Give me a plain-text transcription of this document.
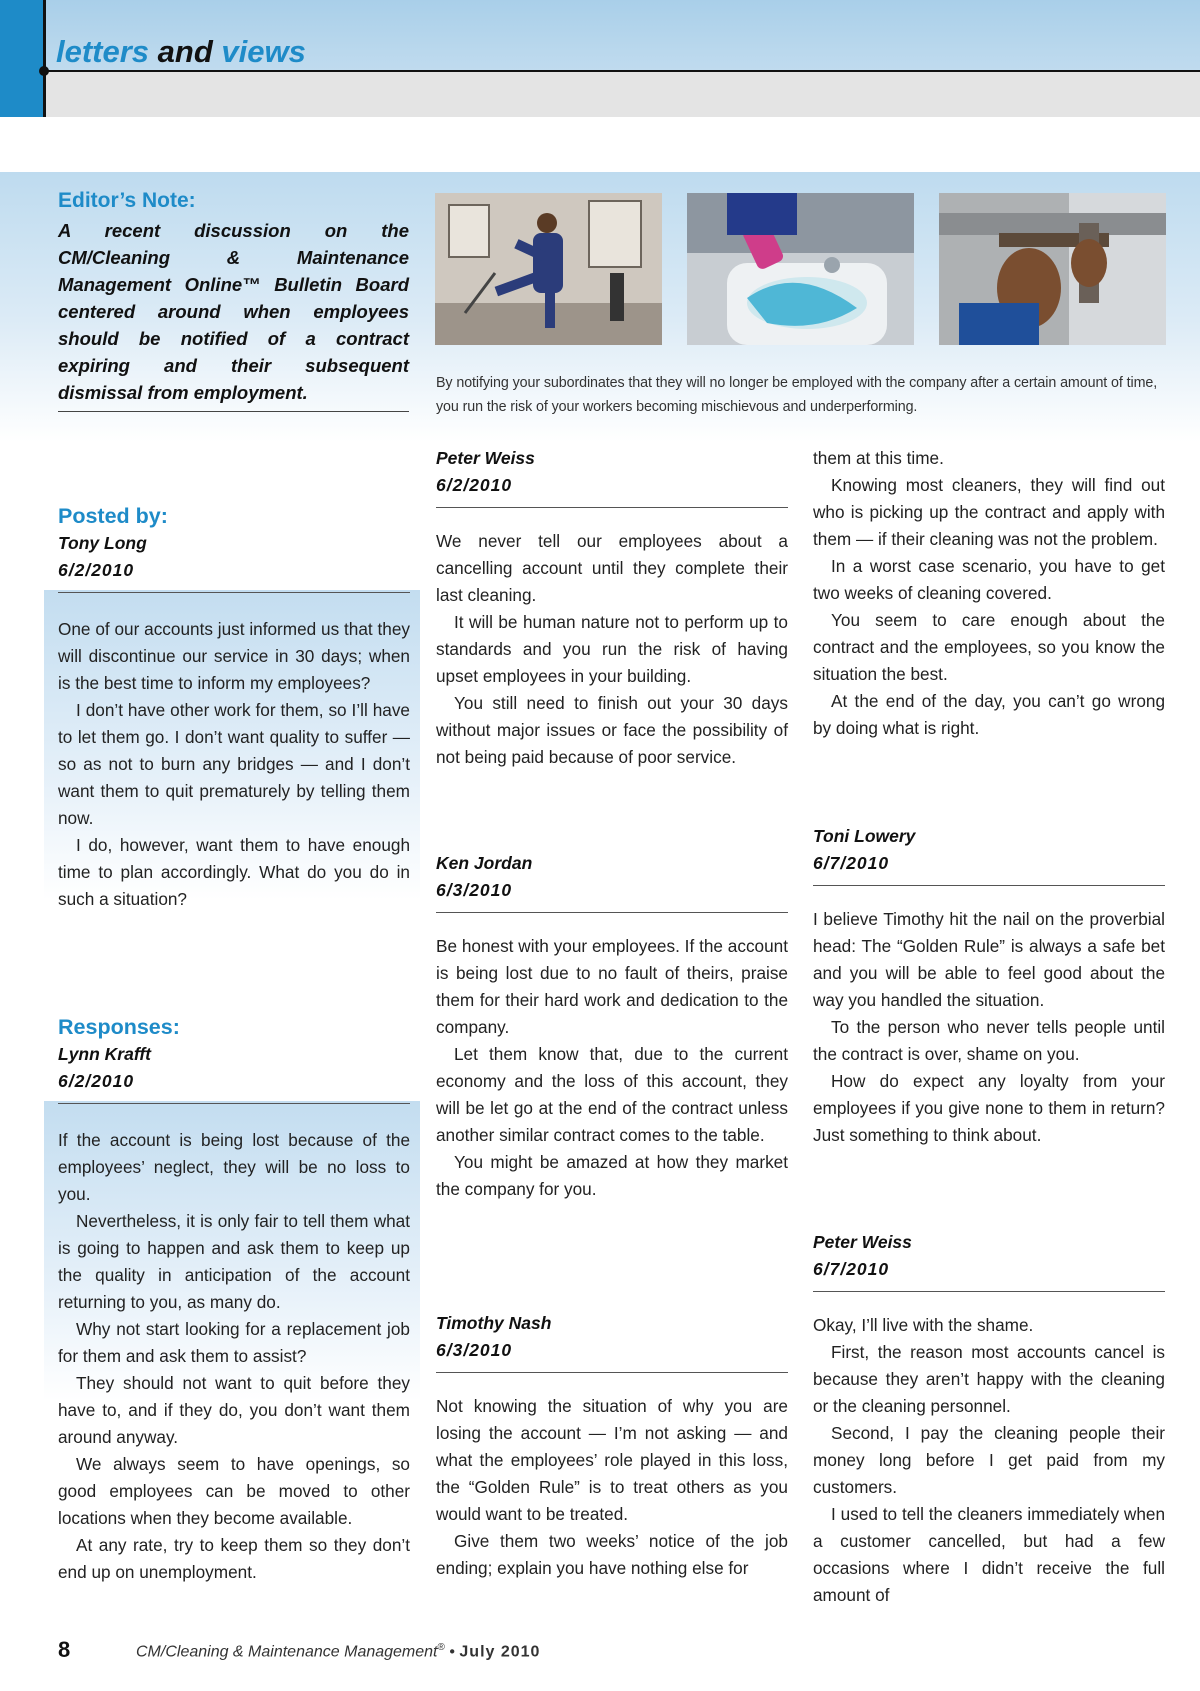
letters and views
Editor’s Note:
A recent discussion on the CM/Cleaning & Maintenance Management Online™ Bulletin Board centered around when employees should be notified of a contract expiring and their subsequent dismissal from employment.	By notifying your subordinates that they will no longer be employed with the company after a certain amount of time, you run the risk of your workers becoming mischievous and underperforming.
Posted by:
Tony Long
6/2/2010

One of our accounts just informed us that they will discontinue our service in 30 days; when is the best time to inform my employees?

I don’t have other work for them, so I’ll have to let them go. I don’t want quality to suffer — so as not to burn any bridges — and I don’t want them to quit prematurely by telling them now.

I do, however, want them to have enough time to plan accordingly. What do you do in such a situation?

Responses:
Lynn Krafft
6/2/2010

If the account is being lost because of the employees’ neglect, they will be no loss to you.

Nevertheless, it is only fair to tell them what is going to happen and ask them to keep up the quality in anticipation of the account returning to you, as many do.

Why not start looking for a replacement job for them and ask them to assist?

They should not want to quit before they have to, and if they do, you don’t want them around anyway.

We always seem to have openings, so good employees can be moved to other locations when they become available.

At any rate, try to keep them so they don’t end up on unemployment.

Peter Weiss
6/2/2010

We never tell our employees about a cancelling account until they complete their last cleaning.

It will be human nature not to perform up to standards and you run the risk of having upset employees in your building.

You still need to finish out your 30 days without major issues or face the possibility of not being paid because of poor service.

Ken Jordan
6/3/2010

Be honest with your employees. If the account is being lost due to no fault of theirs, praise them for their hard work and dedication to the company.

Let them know that, due to the current economy and the loss of this account, they will be let go at the end of the contract unless another similar contract comes to the table.

You might be amazed at how they market the company for you.

Timothy Nash
6/3/2010

Not knowing the situation of why you are losing the account — I’m not asking — and what the employees’ role played in this loss, the “Golden Rule” is to treat others as you would want to be treated.

Give them two weeks’ notice of the job ending; explain you have nothing else for

them at this time.

Knowing most cleaners, they will find out who is picking up the contract and apply with them — if their cleaning was not the problem.

In a worst case scenario, you have to get two weeks of cleaning covered.

You seem to care enough about the contract and the employees, so you know the situation the best.

At the end of the day, you can’t go wrong by doing what is right.

Toni Lowery
6/7/2010

I believe Timothy hit the nail on the proverbial head: The “Golden Rule” is always a safe bet and you will be able to feel good about the way you handled the situation.

To the person who never tells people until the contract is over, shame on you.

How do expect any loyalty from your employees if you give none to them in return? Just something to think about.

Peter Weiss
6/7/2010

Okay, I’ll live with the shame.

First, the reason most accounts cancel is because they aren’t happy with the cleaning or the cleaning personnel.

Second, I pay the cleaning people their money long before I get paid from my customers.

I used to tell the cleaners immediately when a customer cancelled, but had a few occasions where I didn’t receive the full amount of

8	CM/Cleaning & Maintenance Management® • July 2010
